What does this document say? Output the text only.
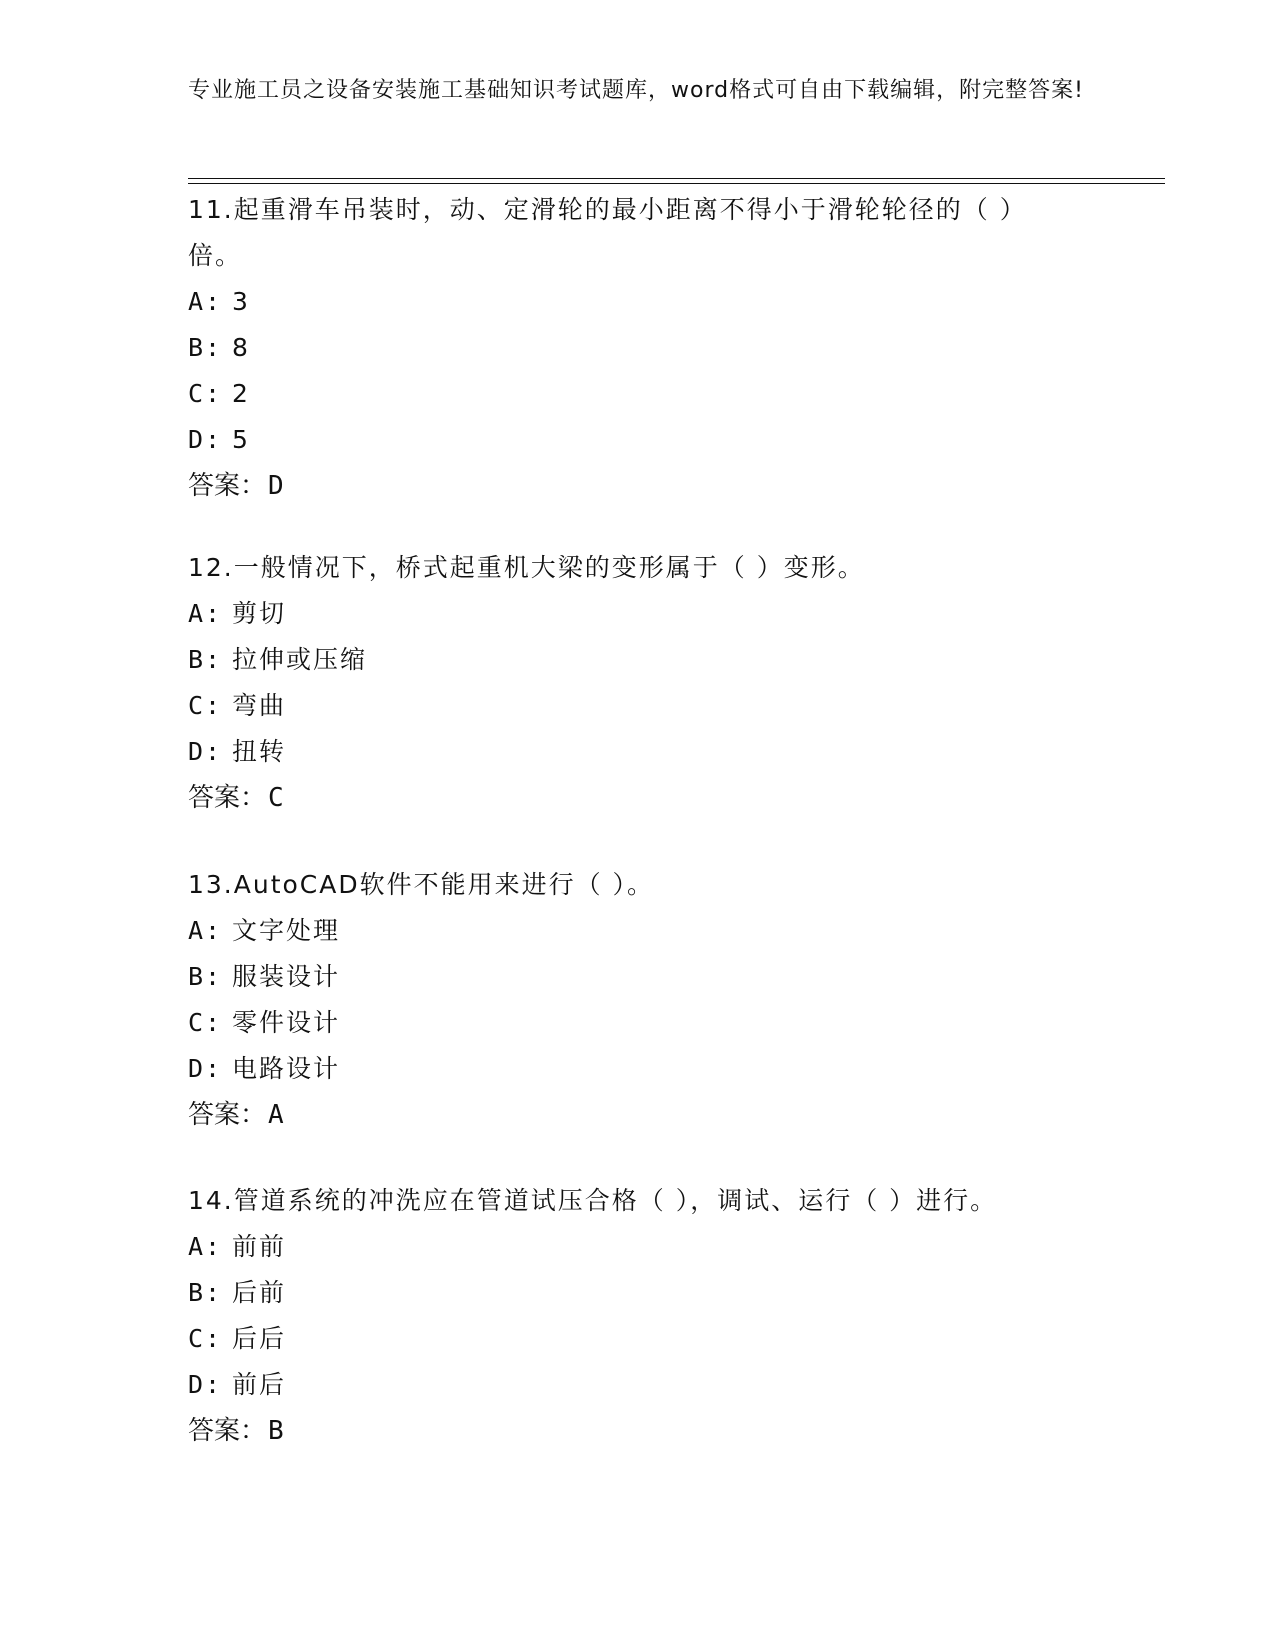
专业施工员之设备安装施工基础知识考试题库，word格式可自由下载编辑，附完整答案!

11.起重滑车吊装时，动、定滑轮的最小距离不得小于滑轮轮径的（ ）倍。

A: 3

B: 8

C: 2

D: 5

答案：D

12.一般情况下，桥式起重机大梁的变形属于（ ）变形。

A: 剪切

B: 拉伸或压缩

C: 弯曲

D: 扭转

答案：C

13.AutoCAD软件不能用来进行（ ）。

A: 文字处理

B: 服装设计

C: 零件设计

D: 电路设计

答案：A

14.管道系统的冲洗应在管道试压合格（ ），调试、运行（ ）进行。

A: 前前

B: 后前

C: 后后

D: 前后

答案：B
